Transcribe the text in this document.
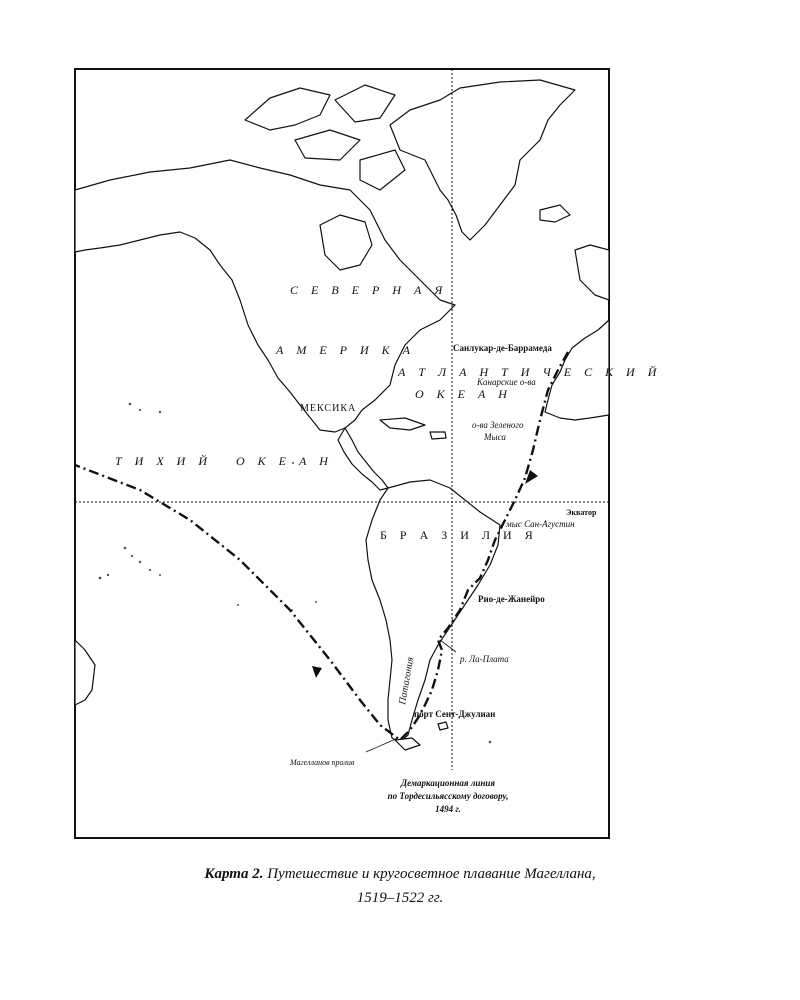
С Е В Е Р Н А Я
А М Е Р И К А
А Т Л А Н Т И Ч Е С К И Й
О К Е А Н
Т И Х И Й   О К Е А Н
МЕКСИКА
Б Р А З И Л И Я
Патагония
Санлукар-де-Баррамеда
Канарские о-ва
о-ва Зеленого
Мыса
Экватор
мыс Сан-Агустин
Рио-де-Жанейро
р. Ла-Плата
порт Сент-Джулиан
Магелланов пролив
Демаркационная линия
по Тордесильясскому договору,
1494 г.
Карта 2. Путешествие и кругосветное плавание Магеллана,
1519–1522 гг.
